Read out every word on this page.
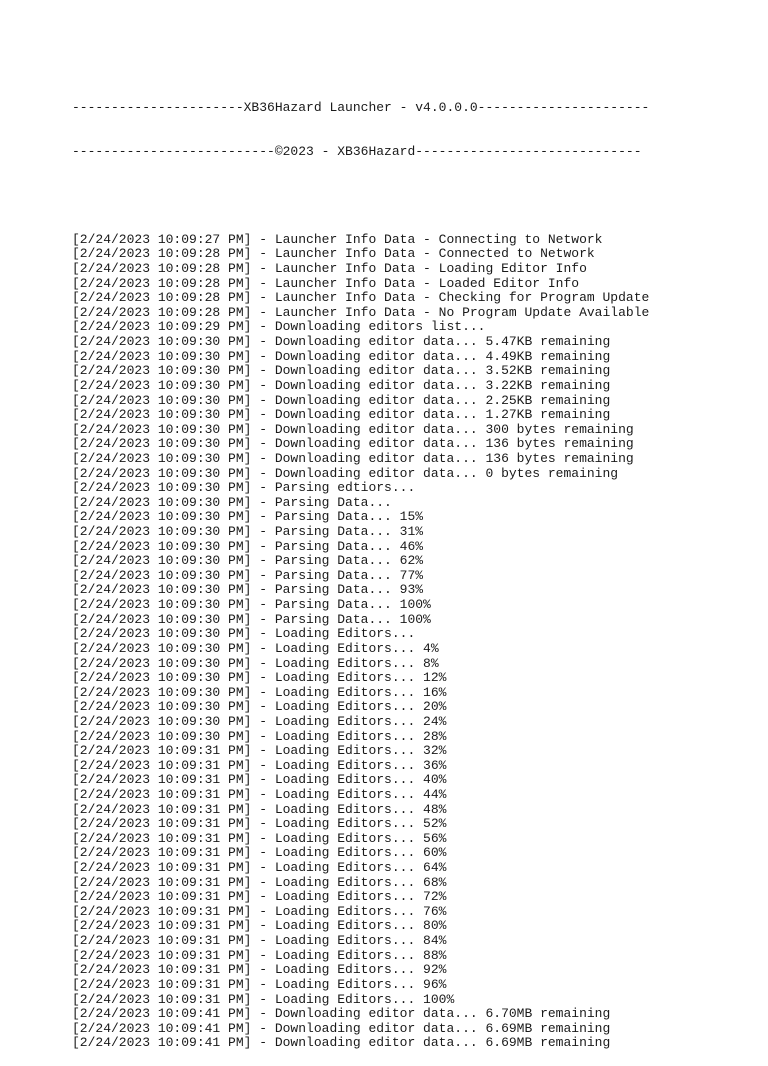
----------------------XB36Hazard Launcher - v4.0.0.0----------------------

--------------------------©2023 - XB36Hazard-----------------------------

[2/24/2023 10:09:27 PM] - Launcher Info Data - Connecting to Network
[2/24/2023 10:09:28 PM] - Launcher Info Data - Connected to Network
[2/24/2023 10:09:28 PM] - Launcher Info Data - Loading Editor Info
[2/24/2023 10:09:28 PM] - Launcher Info Data - Loaded Editor Info
[2/24/2023 10:09:28 PM] - Launcher Info Data - Checking for Program Update
[2/24/2023 10:09:28 PM] - Launcher Info Data - No Program Update Available
[2/24/2023 10:09:29 PM] - Downloading editors list...
[2/24/2023 10:09:30 PM] - Downloading editor data... 5.47KB remaining
[2/24/2023 10:09:30 PM] - Downloading editor data... 4.49KB remaining
[2/24/2023 10:09:30 PM] - Downloading editor data... 3.52KB remaining
[2/24/2023 10:09:30 PM] - Downloading editor data... 3.22KB remaining
[2/24/2023 10:09:30 PM] - Downloading editor data... 2.25KB remaining
[2/24/2023 10:09:30 PM] - Downloading editor data... 1.27KB remaining
[2/24/2023 10:09:30 PM] - Downloading editor data... 300 bytes remaining
[2/24/2023 10:09:30 PM] - Downloading editor data... 136 bytes remaining
[2/24/2023 10:09:30 PM] - Downloading editor data... 136 bytes remaining
[2/24/2023 10:09:30 PM] - Downloading editor data... 0 bytes remaining
[2/24/2023 10:09:30 PM] - Parsing edtiors...
[2/24/2023 10:09:30 PM] - Parsing Data...
[2/24/2023 10:09:30 PM] - Parsing Data... 15%
[2/24/2023 10:09:30 PM] - Parsing Data... 31%
[2/24/2023 10:09:30 PM] - Parsing Data... 46%
[2/24/2023 10:09:30 PM] - Parsing Data... 62%
[2/24/2023 10:09:30 PM] - Parsing Data... 77%
[2/24/2023 10:09:30 PM] - Parsing Data... 93%
[2/24/2023 10:09:30 PM] - Parsing Data... 100%
[2/24/2023 10:09:30 PM] - Parsing Data... 100%
[2/24/2023 10:09:30 PM] - Loading Editors...
[2/24/2023 10:09:30 PM] - Loading Editors... 4%
[2/24/2023 10:09:30 PM] - Loading Editors... 8%
[2/24/2023 10:09:30 PM] - Loading Editors... 12%
[2/24/2023 10:09:30 PM] - Loading Editors... 16%
[2/24/2023 10:09:30 PM] - Loading Editors... 20%
[2/24/2023 10:09:30 PM] - Loading Editors... 24%
[2/24/2023 10:09:30 PM] - Loading Editors... 28%
[2/24/2023 10:09:31 PM] - Loading Editors... 32%
[2/24/2023 10:09:31 PM] - Loading Editors... 36%
[2/24/2023 10:09:31 PM] - Loading Editors... 40%
[2/24/2023 10:09:31 PM] - Loading Editors... 44%
[2/24/2023 10:09:31 PM] - Loading Editors... 48%
[2/24/2023 10:09:31 PM] - Loading Editors... 52%
[2/24/2023 10:09:31 PM] - Loading Editors... 56%
[2/24/2023 10:09:31 PM] - Loading Editors... 60%
[2/24/2023 10:09:31 PM] - Loading Editors... 64%
[2/24/2023 10:09:31 PM] - Loading Editors... 68%
[2/24/2023 10:09:31 PM] - Loading Editors... 72%
[2/24/2023 10:09:31 PM] - Loading Editors... 76%
[2/24/2023 10:09:31 PM] - Loading Editors... 80%
[2/24/2023 10:09:31 PM] - Loading Editors... 84%
[2/24/2023 10:09:31 PM] - Loading Editors... 88%
[2/24/2023 10:09:31 PM] - Loading Editors... 92%
[2/24/2023 10:09:31 PM] - Loading Editors... 96%
[2/24/2023 10:09:31 PM] - Loading Editors... 100%
[2/24/2023 10:09:41 PM] - Downloading editor data... 6.70MB remaining
[2/24/2023 10:09:41 PM] - Downloading editor data... 6.69MB remaining
[2/24/2023 10:09:41 PM] - Downloading editor data... 6.69MB remaining
